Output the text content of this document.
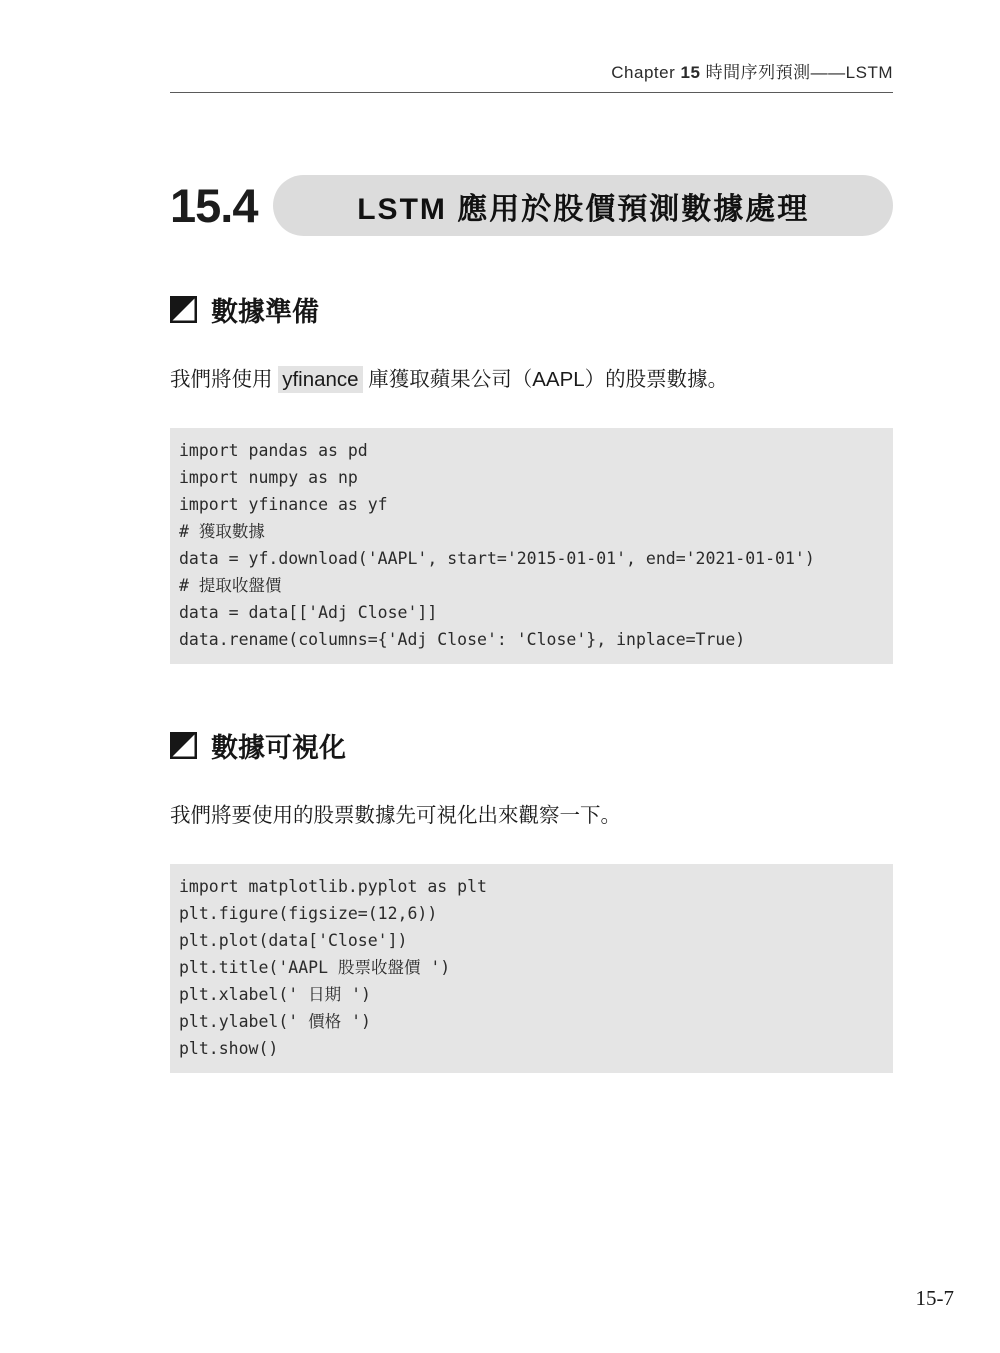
Chapter 15 時間序列預測——LSTM
15.4	LSTM 應用於股價預測數據處理
數據準備

我們將使用 yfinance 庫獲取蘋果公司（AAPL）的股票數據。

import pandas as pd
import numpy as np
import yfinance as yf
# 獲取數據
data = yf.download('AAPL', start='2015-01-01', end='2021-01-01')
# 提取收盤價
data = data[['Adj Close']]
data.rename(columns={'Adj Close': 'Close'}, inplace=True)
數據可視化

我們將要使用的股票數據先可視化出來觀察一下。

import matplotlib.pyplot as plt
plt.figure(figsize=(12,6))
plt.plot(data['Close'])
plt.title('AAPL 股票收盤價 ')
plt.xlabel(' 日期 ')
plt.ylabel(' 價格 ')
plt.show()
15-7
